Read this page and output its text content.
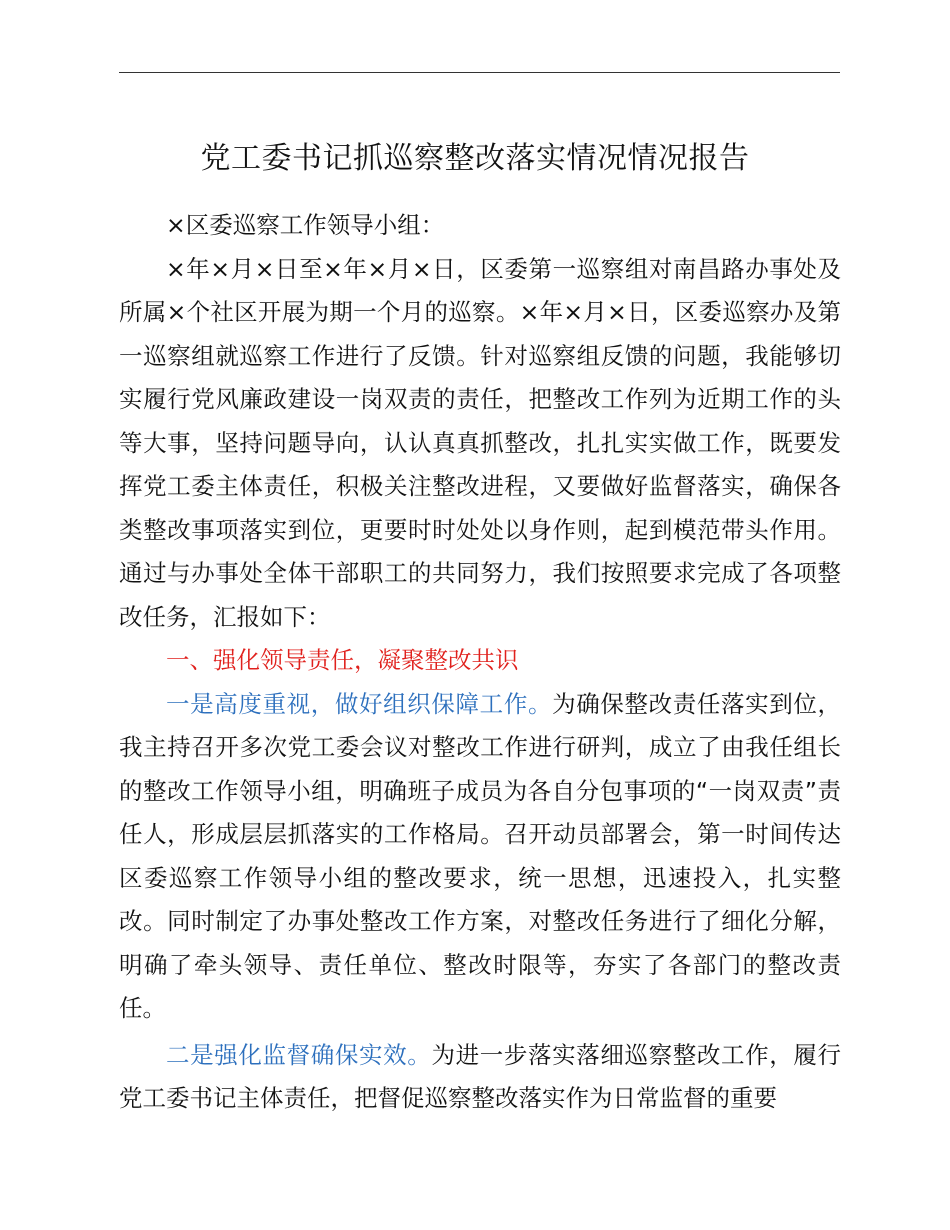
党工委书记抓巡察整改落实情况情况报告

×区委巡察工作领导小组：

×年×月×日至×年×月×日，区委第一巡察组对南昌路办事处及所属×个社区开展为期一个月的巡察。×年×月×日，区委巡察办及第一巡察组就巡察工作进行了反馈。针对巡察组反馈的问题，我能够切实履行党风廉政建设一岗双责的责任，把整改工作列为近期工作的头等大事，坚持问题导向，认认真真抓整改，扎扎实实做工作，既要发挥党工委主体责任，积极关注整改进程，又要做好监督落实，确保各类整改事项落实到位，更要时时处处以身作则，起到模范带头作用。通过与办事处全体干部职工的共同努力，我们按照要求完成了各项整改任务，汇报如下：

一、强化领导责任，凝聚整改共识

一是高度重视，做好组织保障工作。为确保整改责任落实到位，我主持召开多次党工委会议对整改工作进行研判，成立了由我任组长的整改工作领导小组，明确班子成员为各自分包事项的“一岗双责”责任人，形成层层抓落实的工作格局。召开动员部署会，第一时间传达区委巡察工作领导小组的整改要求，统一思想，迅速投入，扎实整改。同时制定了办事处整改工作方案，对整改任务进行了细化分解，明确了牵头领导、责任单位、整改时限等，夯实了各部门的整改责任。

二是强化监督确保实效。为进一步落实落细巡察整改工作，履行党工委书记主体责任，把督促巡察整改落实作为日常监督的重要
